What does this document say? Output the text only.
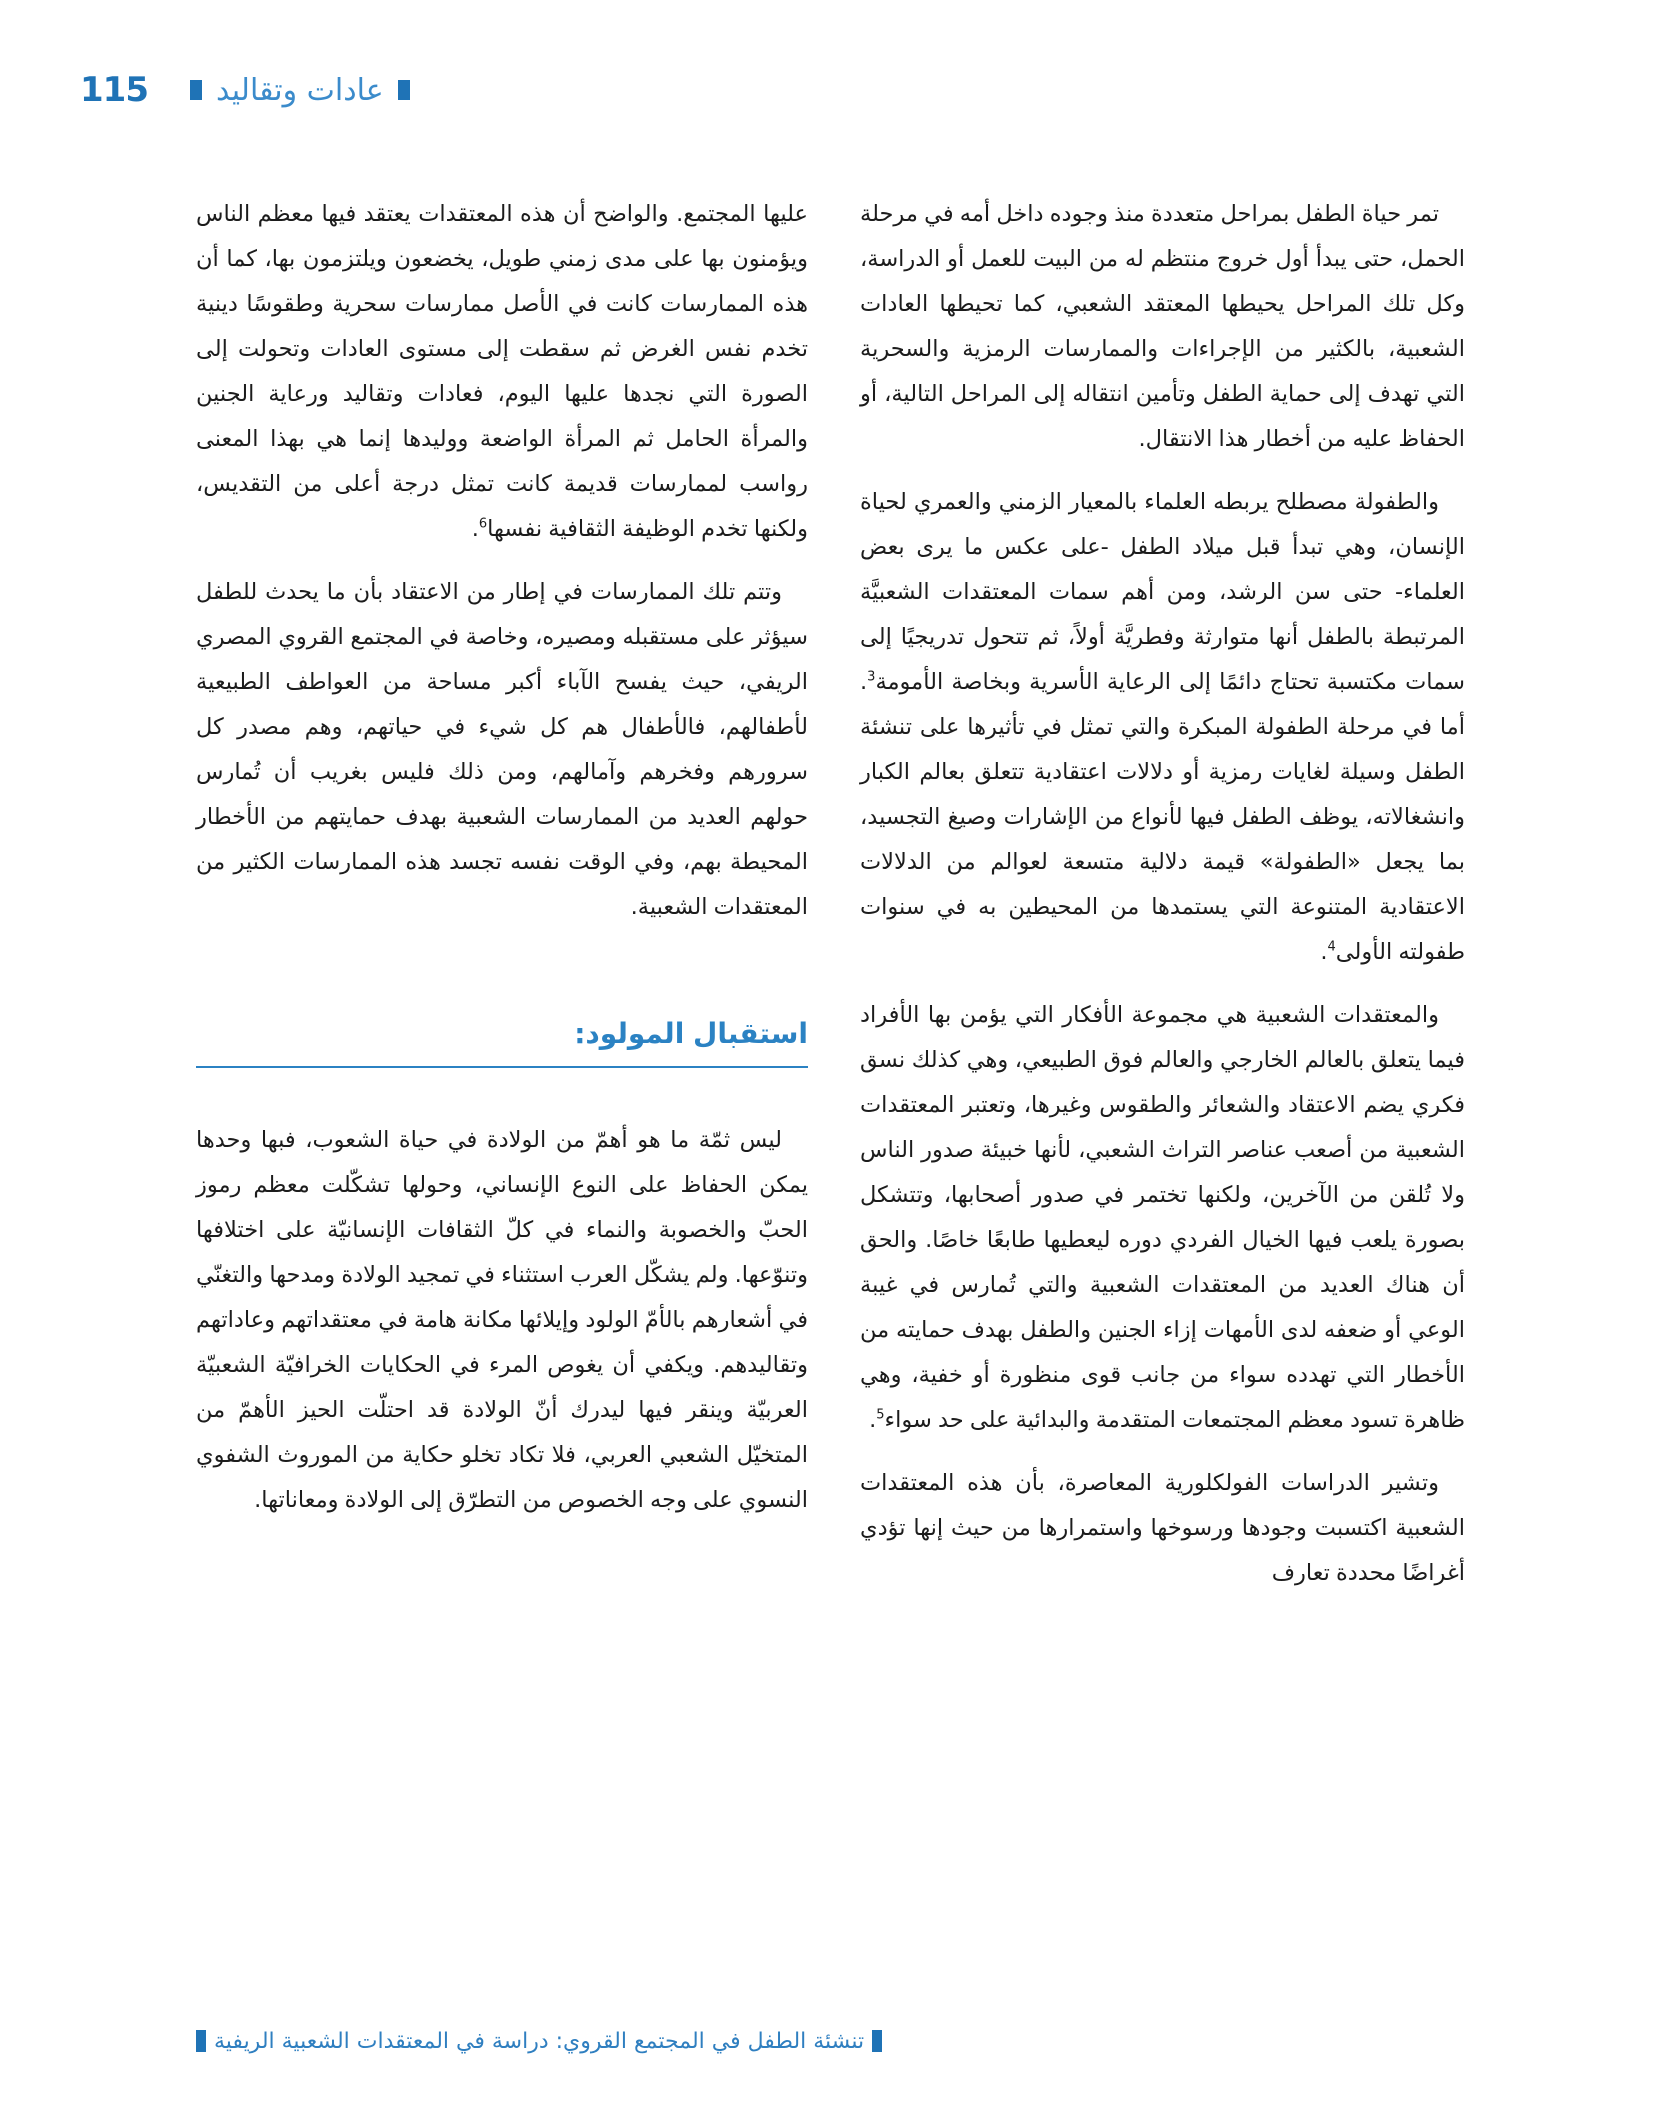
115 عادات وتقاليد

تمر حياة الطفل بمراحل متعددة منذ وجوده داخل أمه في مرحلة الحمل، حتى يبدأ أول خروج منتظم له من البيت للعمل أو الدراسة، وكل تلك المراحل يحيطها المعتقد الشعبي، كما تحيطها العادات الشعبية، بالكثير من الإجراءات والممارسات الرمزية والسحرية التي تهدف إلى حماية الطفل وتأمين انتقاله إلى المراحل التالية، أو الحفاظ عليه من أخطار هذا الانتقال.

والطفولة مصطلح يربطه العلماء بالمعيار الزمني والعمري لحياة الإنسان، وهي تبدأ قبل ميلاد الطفل -على عكس ما يرى بعض العلماء- حتى سن الرشد، ومن أهم سمات المعتقدات الشعبيَّة المرتبطة بالطفل أنها متوارثة وفطريَّة أولاً، ثم تتحول تدريجيًا إلى سمات مكتسبة تحتاج دائمًا إلى الرعاية الأسرية وبخاصة الأمومة$^3$. أما في مرحلة الطفولة المبكرة والتي تمثل في تأثيرها على تنشئة الطفل وسيلة لغايات رمزية أو دلالات اعتقادية تتعلق بعالم الكبار وانشغالاته، يوظف الطفل فيها لأنواع من الإشارات وصيغ التجسيد، بما يجعل «الطفولة» قيمة دلالية متسعة لعوالم من الدلالات الاعتقادية المتنوعة التي يستمدها من المحيطين به في سنوات طفولته الأولى$^4$.

والمعتقدات الشعبية هي مجموعة الأفكار التي يؤمن بها الأفراد فيما يتعلق بالعالم الخارجي والعالم فوق الطبيعي، وهي كذلك نسق فكري يضم الاعتقاد والشعائر والطقوس وغيرها، وتعتبر المعتقدات الشعبية من أصعب عناصر التراث الشعبي، لأنها خبيئة صدور الناس ولا تُلقن من الآخرين، ولكنها تختمر في صدور أصحابها، وتتشكل بصورة يلعب فيها الخيال الفردي دوره ليعطيها طابعًا خاصًا. والحق أن هناك العديد من المعتقدات الشعبية والتي تُمارس في غيبة الوعي أو ضعفه لدى الأمهات إزاء الجنين والطفل بهدف حمايته من الأخطار التي تهدده سواء من جانب قوى منظورة أو خفية، وهي ظاهرة تسود معظم المجتمعات المتقدمة والبدائية على حد سواء$^5$.

وتشير الدراسات الفولكلورية المعاصرة، بأن هذه المعتقدات الشعبية اكتسبت وجودها ورسوخها واستمرارها من حيث إنها تؤدي أغراضًا محددة تعارف

عليها المجتمع. والواضح أن هذه المعتقدات يعتقد فيها معظم الناس ويؤمنون بها على مدى زمني طويل، يخضعون ويلتزمون بها، كما أن هذه الممارسات كانت في الأصل ممارسات سحرية وطقوسًا دينية تخدم نفس الغرض ثم سقطت إلى مستوى العادات وتحولت إلى الصورة التي نجدها عليها اليوم، فعادات وتقاليد ورعاية الجنين والمرأة الحامل ثم المرأة الواضعة ووليدها إنما هي بهذا المعنى رواسب لممارسات قديمة كانت تمثل درجة أعلى من التقديس، ولكنها تخدم الوظيفة الثقافية نفسها$^6$.

وتتم تلك الممارسات في إطار من الاعتقاد بأن ما يحدث للطفل سيؤثر على مستقبله ومصيره، وخاصة في المجتمع القروي المصري الريفي، حيث يفسح الآباء أكبر مساحة من العواطف الطبيعية لأطفالهم، فالأطفال هم كل شيء في حياتهم، وهم مصدر كل سرورهم وفخرهم وآمالهم، ومن ذلك فليس بغريب أن تُمارس حولهم العديد من الممارسات الشعبية بهدف حمايتهم من الأخطار المحيطة بهم، وفي الوقت نفسه تجسد هذه الممارسات الكثير من المعتقدات الشعبية.

استقبال المولود:

ليس ثمّة ما هو أهمّ من الولادة في حياة الشعوب، فبها وحدها يمكن الحفاظ على النوع الإنساني، وحولها تشكّلت معظم رموز الحبّ والخصوبة والنماء في كلّ الثقافات الإنسانيّة على اختلافها وتنوّعها. ولم يشكّل العرب استثناء في تمجيد الولادة ومدحها والتغنّي في أشعارهم بالأمّ الولود وإيلائها مكانة هامة في معتقداتهم وعاداتهم وتقاليدهم. ويكفي أن يغوص المرء في الحكايات الخرافيّة الشعبيّة العربيّة وينقر فيها ليدرك أنّ الولادة قد احتلّت الحيز الأهمّ من المتخيّل الشعبي العربي، فلا تكاد تخلو حكاية من الموروث الشفوي النسوي على وجه الخصوص من التطرّق إلى الولادة ومعاناتها.

تنشئة الطفل في المجتمع القروي: دراسة في المعتقدات الشعبية الريفية
